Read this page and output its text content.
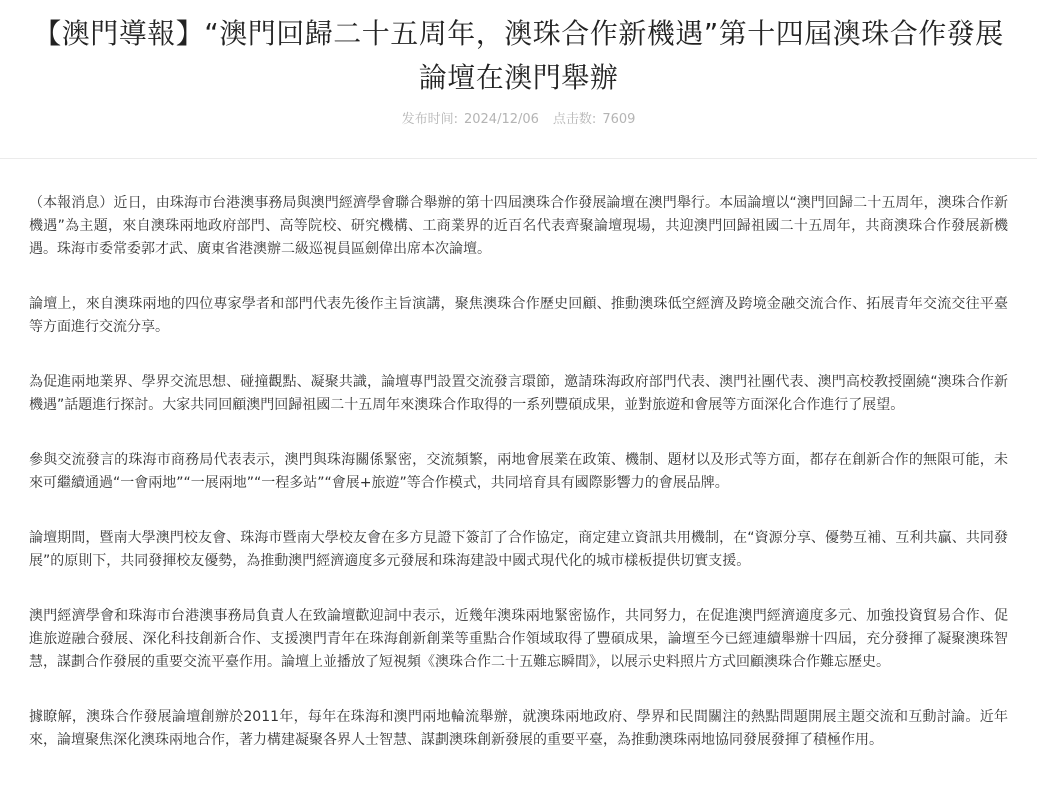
【澳門導報】“澳門回歸二十五周年，澳珠合作新機遇”第十四屆澳珠合作發展論壇在澳門舉辦
发布时间: 2024/12/06 点击数: 7609

（本報消息）近日，由珠海市台港澳事務局與澳門經濟學會聯合舉辦的第十四屆澳珠合作發展論壇在澳門舉行。本屆論壇以“澳門回歸二十五周年，澳珠合作新機遇”為主題，來自澳珠兩地政府部門、高等院校、研究機構、工商業界的近百名代表齊聚論壇現場，共迎澳門回歸祖國二十五周年，共商澳珠合作發展新機遇。珠海市委常委郭才武、廣東省港澳辦二級巡視員區劍偉出席本次論壇。

論壇上，來自澳珠兩地的四位專家學者和部門代表先後作主旨演講，聚焦澳珠合作歷史回顧、推動澳珠低空經濟及跨境金融交流合作、拓展青年交流交往平臺等方面進行交流分享。

為促進兩地業界、學界交流思想、碰撞觀點、凝聚共識，論壇專門設置交流發言環節，邀請珠海政府部門代表、澳門社團代表、澳門高校教授圍繞“澳珠合作新機遇”話題進行探討。大家共同回顧澳門回歸祖國二十五周年來澳珠合作取得的一系列豐碩成果，並對旅遊和會展等方面深化合作進行了展望。

參與交流發言的珠海市商務局代表表示，澳門與珠海關係緊密，交流頻繁，兩地會展業在政策、機制、題材以及形式等方面，都存在創新合作的無限可能，未來可繼續通過“一會兩地”“一展兩地”“一程多站”“會展+旅遊”等合作模式，共同培育具有國際影響力的會展品牌。

論壇期間，暨南大學澳門校友會、珠海市暨南大學校友會在多方見證下簽訂了合作協定，商定建立資訊共用機制，在“資源分享、優勢互補、互利共贏、共同發展”的原則下，共同發揮校友優勢，為推動澳門經濟適度多元發展和珠海建設中國式現代化的城市樣板提供切實支援。

澳門經濟學會和珠海市台港澳事務局負責人在致論壇歡迎詞中表示，近幾年澳珠兩地緊密協作，共同努力，在促進澳門經濟適度多元、加強投資貿易合作、促進旅遊融合發展、深化科技創新合作、支援澳門青年在珠海創新創業等重點合作領域取得了豐碩成果，論壇至今已經連續舉辦十四屆，充分發揮了凝聚澳珠智慧，謀劃合作發展的重要交流平臺作用。論壇上並播放了短視頻《澳珠合作二十五難忘瞬間》，以展示史料照片方式回顧澳珠合作難忘歷史。

據瞭解，澳珠合作發展論壇創辦於2011年，每年在珠海和澳門兩地輪流舉辦，就澳珠兩地政府、學界和民間關注的熱點問題開展主題交流和互動討論。近年來，論壇聚焦深化澳珠兩地合作，著力構建凝聚各界人士智慧、謀劃澳珠創新發展的重要平臺，為推動澳珠兩地協同發展發揮了積極作用。
